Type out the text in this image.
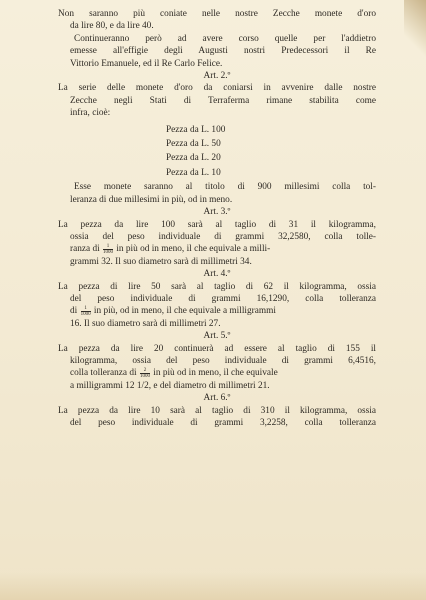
Non saranno più coniate nelle nostre Zecche monete d'oro
da lire 80, e da lire 40.
Continueranno però ad avere corso quelle per l'addietro
emesse all'effigie degli Augusti nostri Predecessori il Re
Vittorio Emanuele, ed il Re Carlo Felice.
Art. 2.º
La serie delle monete d'oro da coniarsi in avvenire dalle nostre
Zecche negli Stati di Terraferma rimane stabilita come
infra, cioè:
Pezza da L. 100
Pezza da L. 50
Pezza da L. 20
Pezza da L. 10
Esse monete saranno al titolo di 900 millesimi colla tol-
leranza di due millesimi in più, od in meno.
Art. 3.º
La pezza da lire 100 sarà al taglio di 31 il kilogramma,
ossia del peso individuale di grammi 32,2580, colla tolle-
ranza di $\frac{1}{1000}$ in più od in meno, il che equivale a milli-
grammi 32. Il suo diametro sarà di millimetri 34.
Art. 4.º
La pezza di lire 50 sarà al taglio di 62 il kilogramma, ossia
del peso individuale di grammi 16,1290, colla tolleranza
di $\frac{1}{1000}$ in più, od in meno, il che equivale a milligrammi
16. Il suo diametro sarà di millimetri 27.
Art. 5.º
La pezza da lire 20 continuerà ad essere al taglio di 155 il
kilogramma, ossia del peso individuale di grammi 6,4516,
colla tolleranza di $\frac{2}{1000}$ in più od in meno, il che equivale
a milligrammi 12 1/2, e del diametro di millimetri 21.
Art. 6.º
La pezza da lire 10 sarà al taglio di 310 il kilogramma, ossia
del peso individuale di grammi 3,2258, colla tolleranza
